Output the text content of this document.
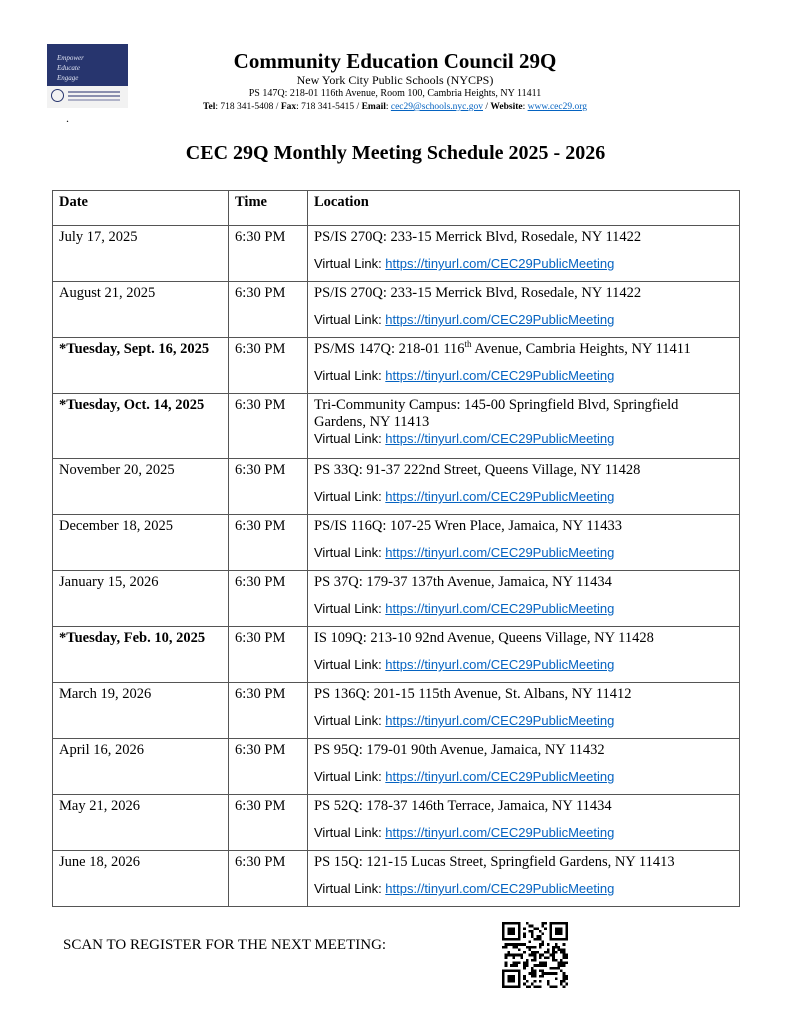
Empower
Educate
Engage
.
Community Education Council 29Q
New York City Public Schools (NYCPS)
PS 147Q: 218-01 116th Avenue, Room 100, Cambria Heights, NY 11411
Tel: 718 341-5408 / Fax: 718 341-5415 / Email: cec29@schools.nyc.gov / Website: www.cec29.org
CEC 29Q Monthly Meeting Schedule 2025 - 2026
Date	Time	Location
July 17, 2025	6:30 PM	PS/IS 270Q: 233-15 Merrick Blvd, Rosedale, NY 11422
Virtual Link: https://tinyurl.com/CEC29PublicMeeting

August 21, 2025	6:30 PM	PS/IS 270Q: 233-15 Merrick Blvd, Rosedale, NY 11422
Virtual Link: https://tinyurl.com/CEC29PublicMeeting

*Tuesday, Sept. 16, 2025	6:30 PM	PS/MS 147Q: 218-01 116th Avenue, Cambria Heights, NY 11411
Virtual Link: https://tinyurl.com/CEC29PublicMeeting

*Tuesday, Oct. 14, 2025	6:30 PM	Tri-Community Campus: 145-00 Springfield Blvd, Springfield Gardens, NY 11413
Virtual Link: https://tinyurl.com/CEC29PublicMeeting

November 20, 2025	6:30 PM	PS 33Q: 91-37 222nd Street, Queens Village, NY 11428
Virtual Link: https://tinyurl.com/CEC29PublicMeeting

December 18, 2025	6:30 PM	PS/IS 116Q: 107-25 Wren Place, Jamaica, NY 11433
Virtual Link: https://tinyurl.com/CEC29PublicMeeting

January 15, 2026	6:30 PM	PS 37Q: 179-37 137th Avenue, Jamaica, NY 11434
Virtual Link: https://tinyurl.com/CEC29PublicMeeting

*Tuesday, Feb. 10, 2025	6:30 PM	IS 109Q: 213-10 92nd Avenue, Queens Village, NY 11428
Virtual Link: https://tinyurl.com/CEC29PublicMeeting

March 19, 2026	6:30 PM	PS 136Q: 201-15 115th Avenue, St. Albans, NY 11412
Virtual Link: https://tinyurl.com/CEC29PublicMeeting

April 16, 2026	6:30 PM	PS 95Q: 179-01 90th Avenue, Jamaica, NY 11432
Virtual Link: https://tinyurl.com/CEC29PublicMeeting

May 21, 2026	6:30 PM	PS 52Q: 178-37 146th Terrace, Jamaica, NY 11434
Virtual Link: https://tinyurl.com/CEC29PublicMeeting

June 18, 2026	6:30 PM	PS 15Q: 121-15 Lucas Street, Springfield Gardens, NY 11413
Virtual Link: https://tinyurl.com/CEC29PublicMeeting
SCAN TO REGISTER FOR THE NEXT MEETING:
